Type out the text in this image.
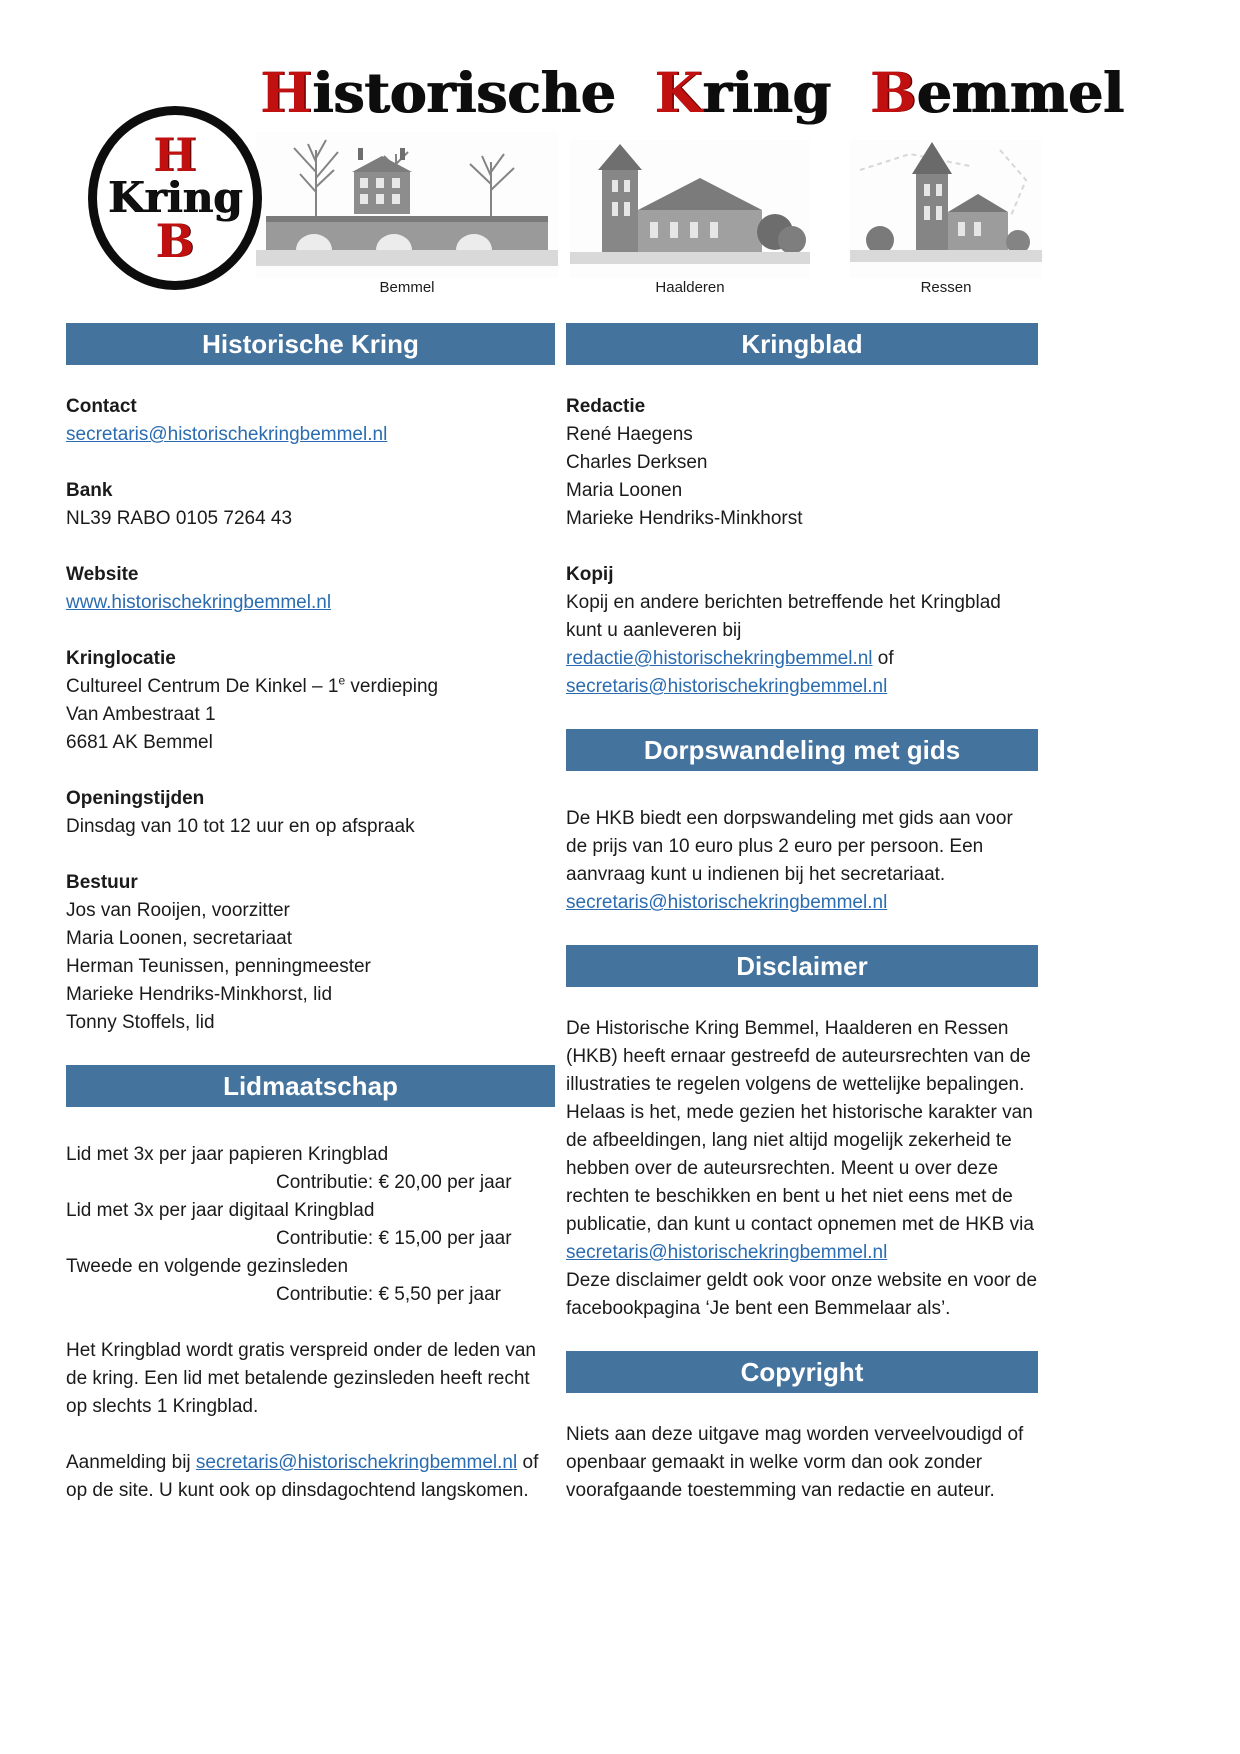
H
Kring
B
Historische Kring Bemmel
Bemmel	Haalderen	Ressen
Historische Kring
Contact
secretaris@historischekringbemmel.nl
Bank
NL39 RABO 0105 7264 43
Website
www.historischekringbemmel.nl
Kringlocatie
Cultureel Centrum De Kinkel – 1e verdieping
Van Ambestraat 1
6681 AK Bemmel
Openingstijden
Dinsdag van 10 tot 12 uur en op afspraak
Bestuur
Jos van Rooijen, voorzitter
Maria Loonen, secretariaat
Herman Teunissen, penningmeester
Marieke Hendriks-Minkhorst, lid
Tonny Stoffels, lid
Lidmaatschap
Lid met 3x per jaar papieren Kringblad
Contributie: € 20,00 per jaar
Lid met 3x per jaar digitaal Kringblad
Contributie: € 15,00 per jaar
Tweede en volgende gezinsleden
Contributie: € 5,50 per jaar
Het Kringblad wordt gratis verspreid onder de leden van de kring. Een lid met betalende gezinsleden heeft recht op slechts 1 Kringblad.
Aanmelding bij secretaris@historischekringbemmel.nl of op de site. U kunt ook op dinsdagochtend langskomen.
Kringblad
Redactie
René Haegens
Charles Derksen
Maria Loonen
Marieke Hendriks-Minkhorst
Kopij
Kopij en andere berichten betreffende het Kringblad kunt u aanleveren bij
redactie@historischekringbemmel.nl of
secretaris@historischekringbemmel.nl
Dorpswandeling met gids
De HKB biedt een dorpswandeling met gids aan voor de prijs van 10 euro plus 2 euro per persoon. Een aanvraag kunt u indienen bij het secretariaat.
secretaris@historischekringbemmel.nl
Disclaimer
De Historische Kring Bemmel, Haalderen en Ressen (HKB) heeft ernaar gestreefd de auteursrechten van de illustraties te regelen volgens de wettelijke bepalingen. Helaas is het, mede gezien het historische karakter van de afbeeldingen, lang niet altijd mogelijk zekerheid te hebben over de auteursrechten. Meent u over deze rechten te beschikken en bent u het niet eens met de publicatie, dan kunt u contact opnemen met de HKB via
secretaris@historischekringbemmel.nl
Deze disclaimer geldt ook voor onze website en voor de facebookpagina ‘Je bent een Bemmelaar als’.
Copyright
Niets aan deze uitgave mag worden verveelvoudigd of openbaar gemaakt in welke vorm dan ook zonder voorafgaande toestemming van redactie en auteur.
